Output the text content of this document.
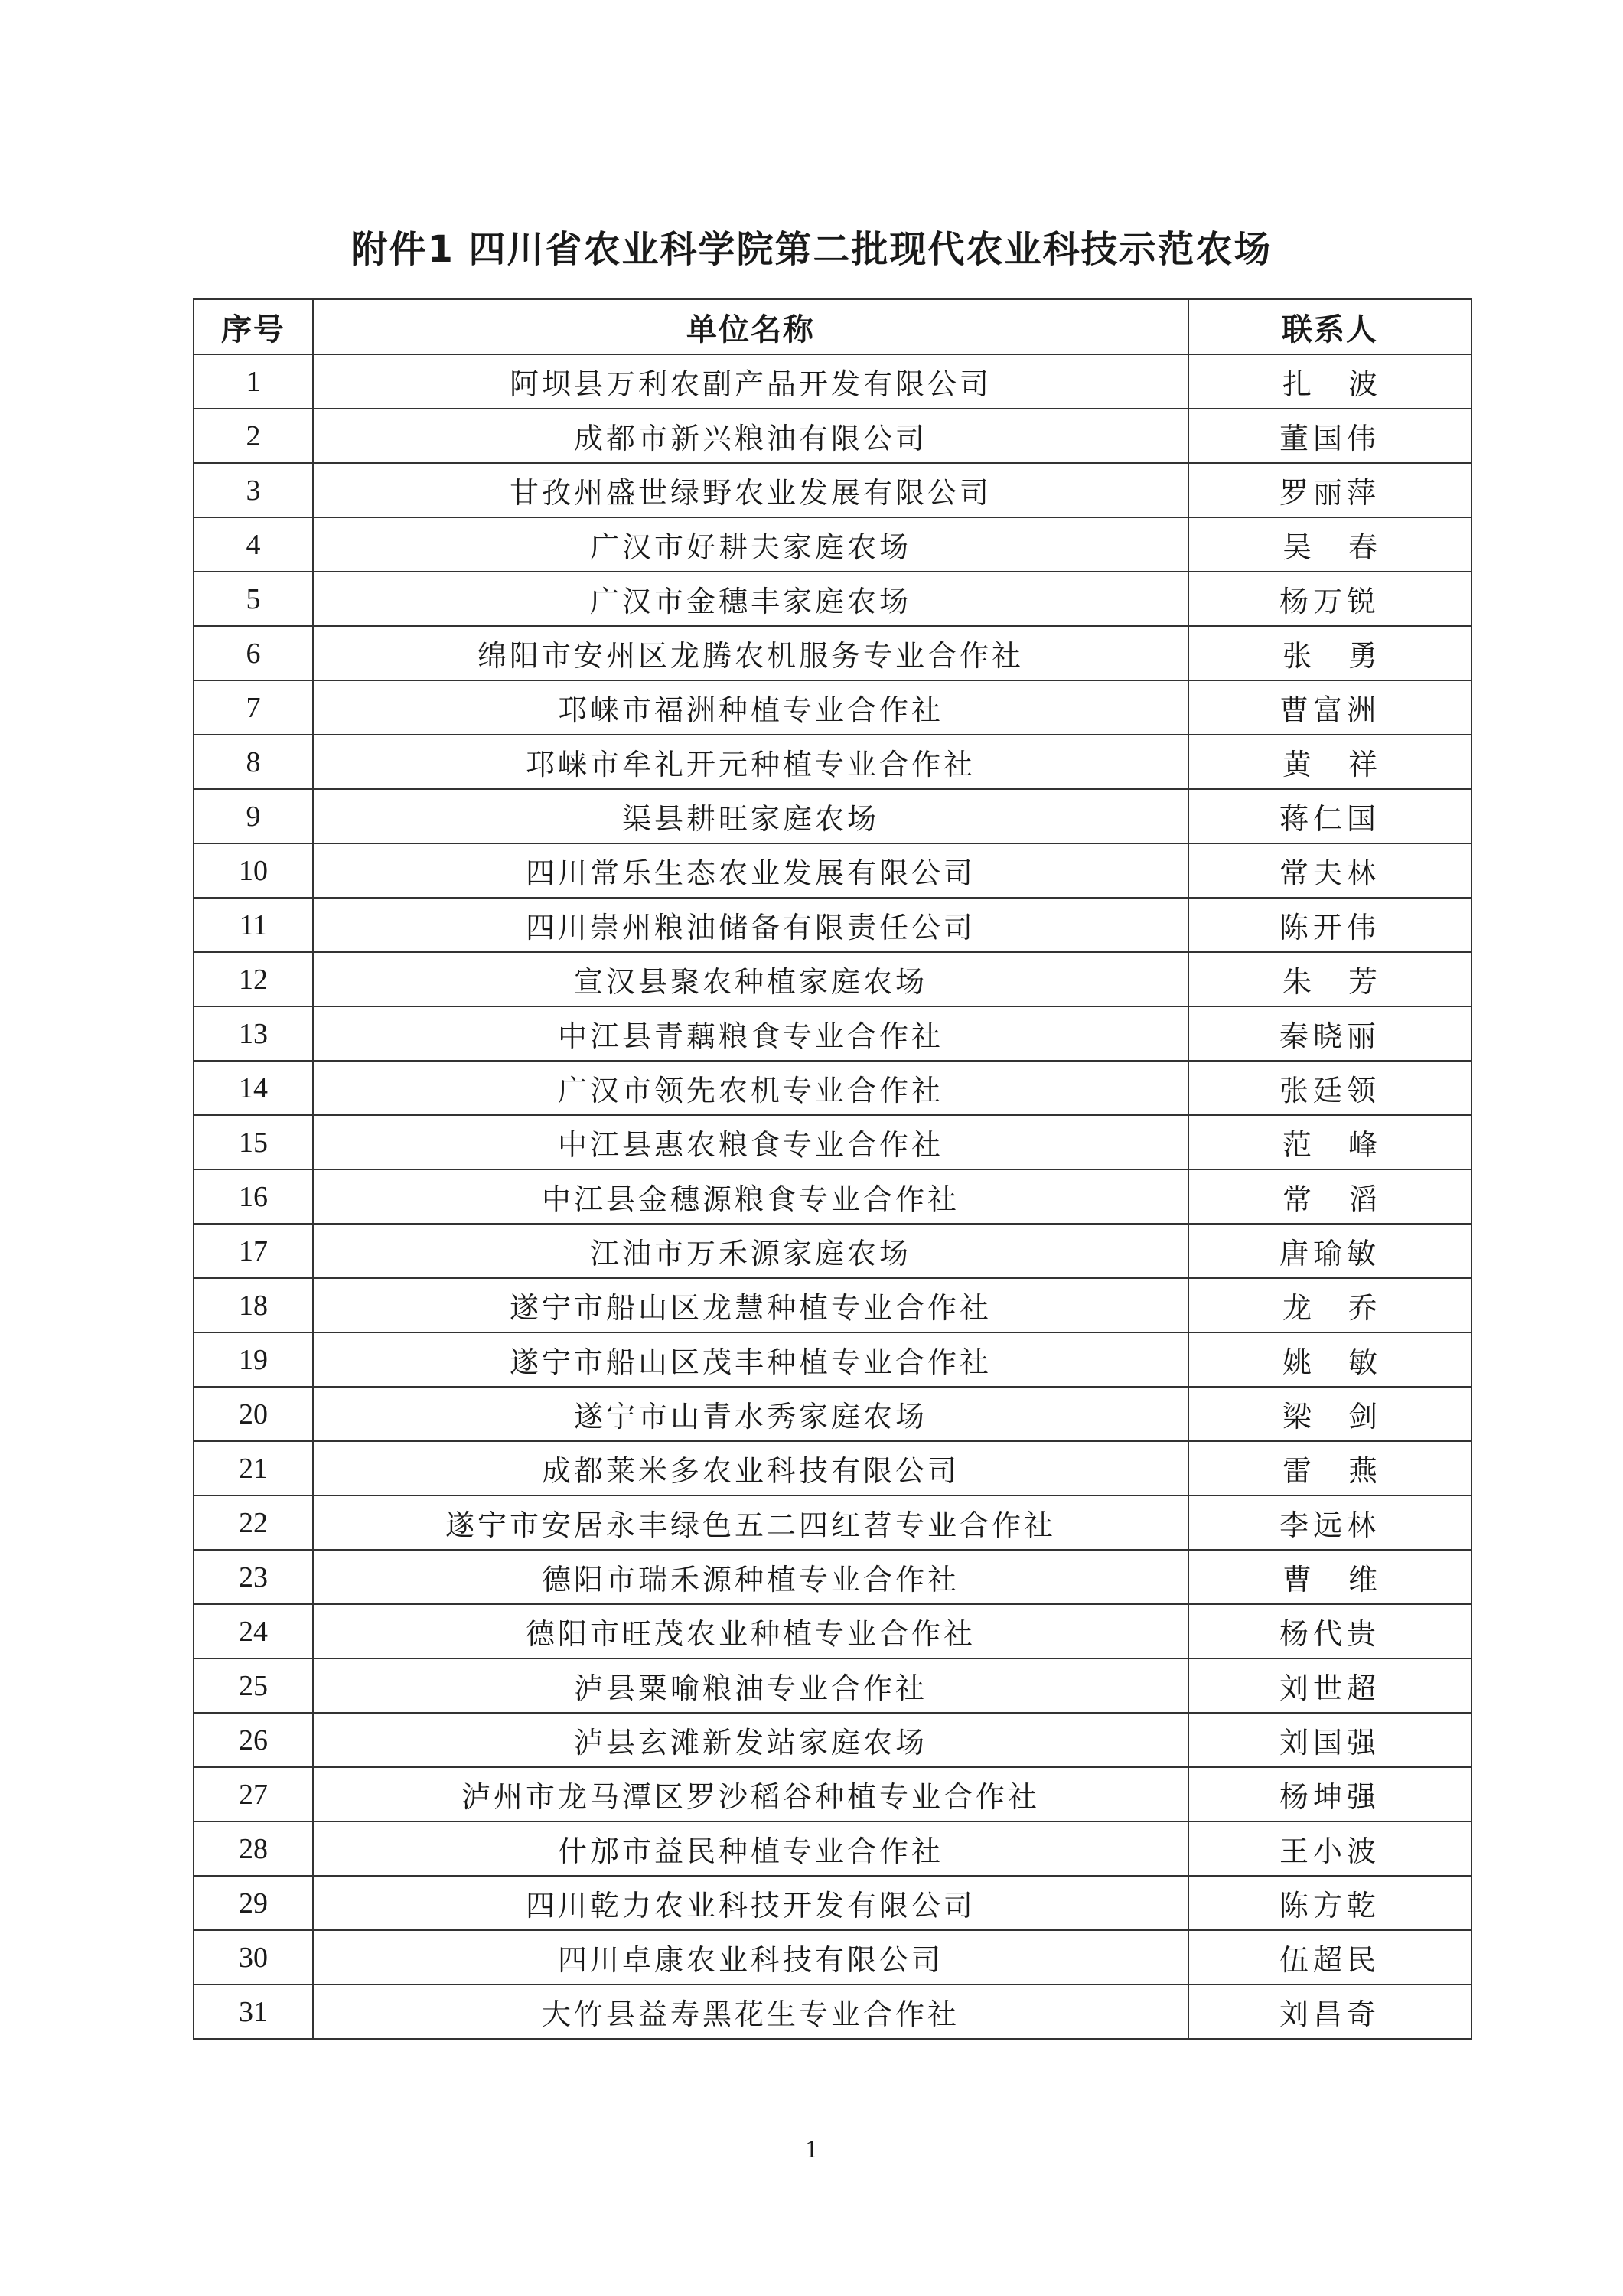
附件1 四川省农业科学院第二批现代农业科技示范农场
序号	单位名称	联系人
1	阿坝县万利农副产品开发有限公司	扎波
2	成都市新兴粮油有限公司	董国伟
3	甘孜州盛世绿野农业发展有限公司	罗丽萍
4	广汉市好耕夫家庭农场	吴春
5	广汉市金穗丰家庭农场	杨万锐
6	绵阳市安州区龙腾农机服务专业合作社	张勇
7	邛崃市福洲种植专业合作社	曹富洲
8	邛崃市牟礼开元种植专业合作社	黄祥
9	渠县耕旺家庭农场	蒋仁国
10	四川常乐生态农业发展有限公司	常夫林
11	四川崇州粮油储备有限责任公司	陈开伟
12	宣汉县聚农种植家庭农场	朱芳
13	中江县青藕粮食专业合作社	秦晓丽
14	广汉市领先农机专业合作社	张廷领
15	中江县惠农粮食专业合作社	范峰
16	中江县金穗源粮食专业合作社	常滔
17	江油市万禾源家庭农场	唐瑜敏
18	遂宁市船山区龙慧种植专业合作社	龙乔
19	遂宁市船山区茂丰种植专业合作社	姚敏
20	遂宁市山青水秀家庭农场	梁剑
21	成都莱米多农业科技有限公司	雷燕
22	遂宁市安居永丰绿色五二四红苕专业合作社	李远林
23	德阳市瑞禾源种植专业合作社	曹维
24	德阳市旺茂农业种植专业合作社	杨代贵
25	泸县粟喻粮油专业合作社	刘世超
26	泸县玄滩新发站家庭农场	刘国强
27	泸州市龙马潭区罗沙稻谷种植专业合作社	杨坤强
28	什邡市益民种植专业合作社	王小波
29	四川乾力农业科技开发有限公司	陈方乾
30	四川卓康农业科技有限公司	伍超民
31	大竹县益寿黑花生专业合作社	刘昌奇
1
